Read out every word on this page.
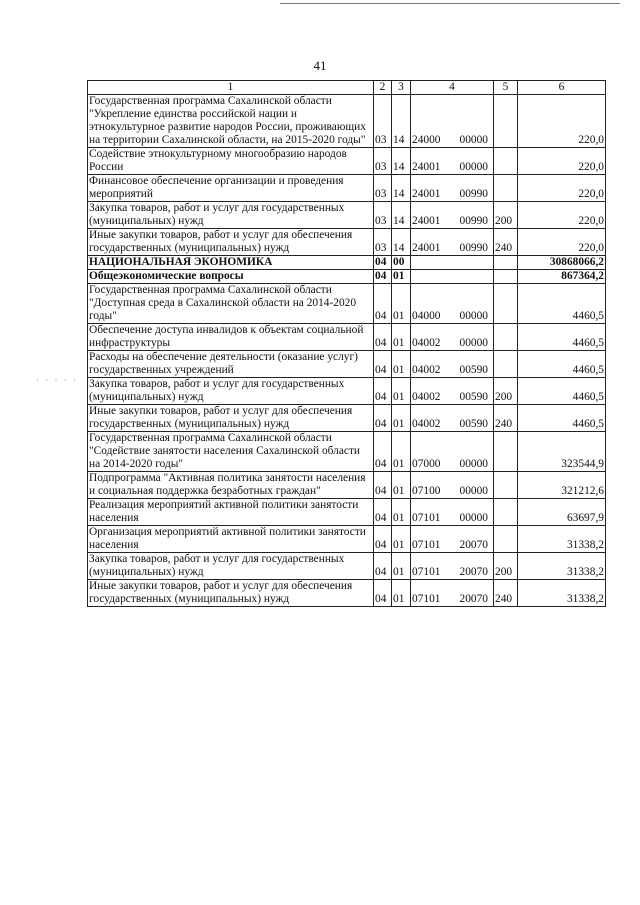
41
· · · · ·
1	2	3	4	5	6
Государственная программа Сахалинской области "Укрепление единства российской нации и этнокультурное развитие народов России, проживающих на территории Сахалинской области, на 2015-2020 годы"	03	14	24000 00000		220,0
Содействие этнокультурному многообразию народов России	03	14	24001 00000		220,0
Финансовое обеспечение организации и проведения мероприятий	03	14	24001 00990		220,0
Закупка товаров, работ и услуг для государственных (муниципальных) нужд	03	14	24001 00990	200	220,0
Иные закупки товаров, работ и услуг для обеспечения государственных (муниципальных) нужд	03	14	24001 00990	240	220,0
НАЦИОНАЛЬНАЯ ЭКОНОМИКА	04	00			30868066,2
Общеэкономические вопросы	04	01			867364,2
Государственная программа Сахалинской области "Доступная среда в Сахалинской области на 2014-2020 годы"	04	01	04000 00000		4460,5
Обеспечение доступа инвалидов к объектам социальной инфраструктуры	04	01	04002 00000		4460,5
Расходы на обеспечение деятельности (оказание услуг) государственных учреждений	04	01	04002 00590		4460,5
Закупка товаров, работ и услуг для государственных (муниципальных) нужд	04	01	04002 00590	200	4460,5
Иные закупки товаров, работ и услуг для обеспечения государственных (муниципальных) нужд	04	01	04002 00590	240	4460,5
Государственная программа Сахалинской области "Содействие занятости населения Сахалинской области на 2014-2020 годы"	04	01	07000 00000		323544,9
Подпрограмма "Активная политика занятости населения и социальная поддержка безработных граждан"	04	01	07100 00000		321212,6
Реализация мероприятий активной политики занятости населения	04	01	07101 00000		63697,9
Организация мероприятий активной политики занятости населения	04	01	07101 20070		31338,2
Закупка товаров, работ и услуг для государственных (муниципальных) нужд	04	01	07101 20070	200	31338,2
Иные закупки товаров, работ и услуг для обеспечения государственных (муниципальных) нужд	04	01	07101 20070	240	31338,2
